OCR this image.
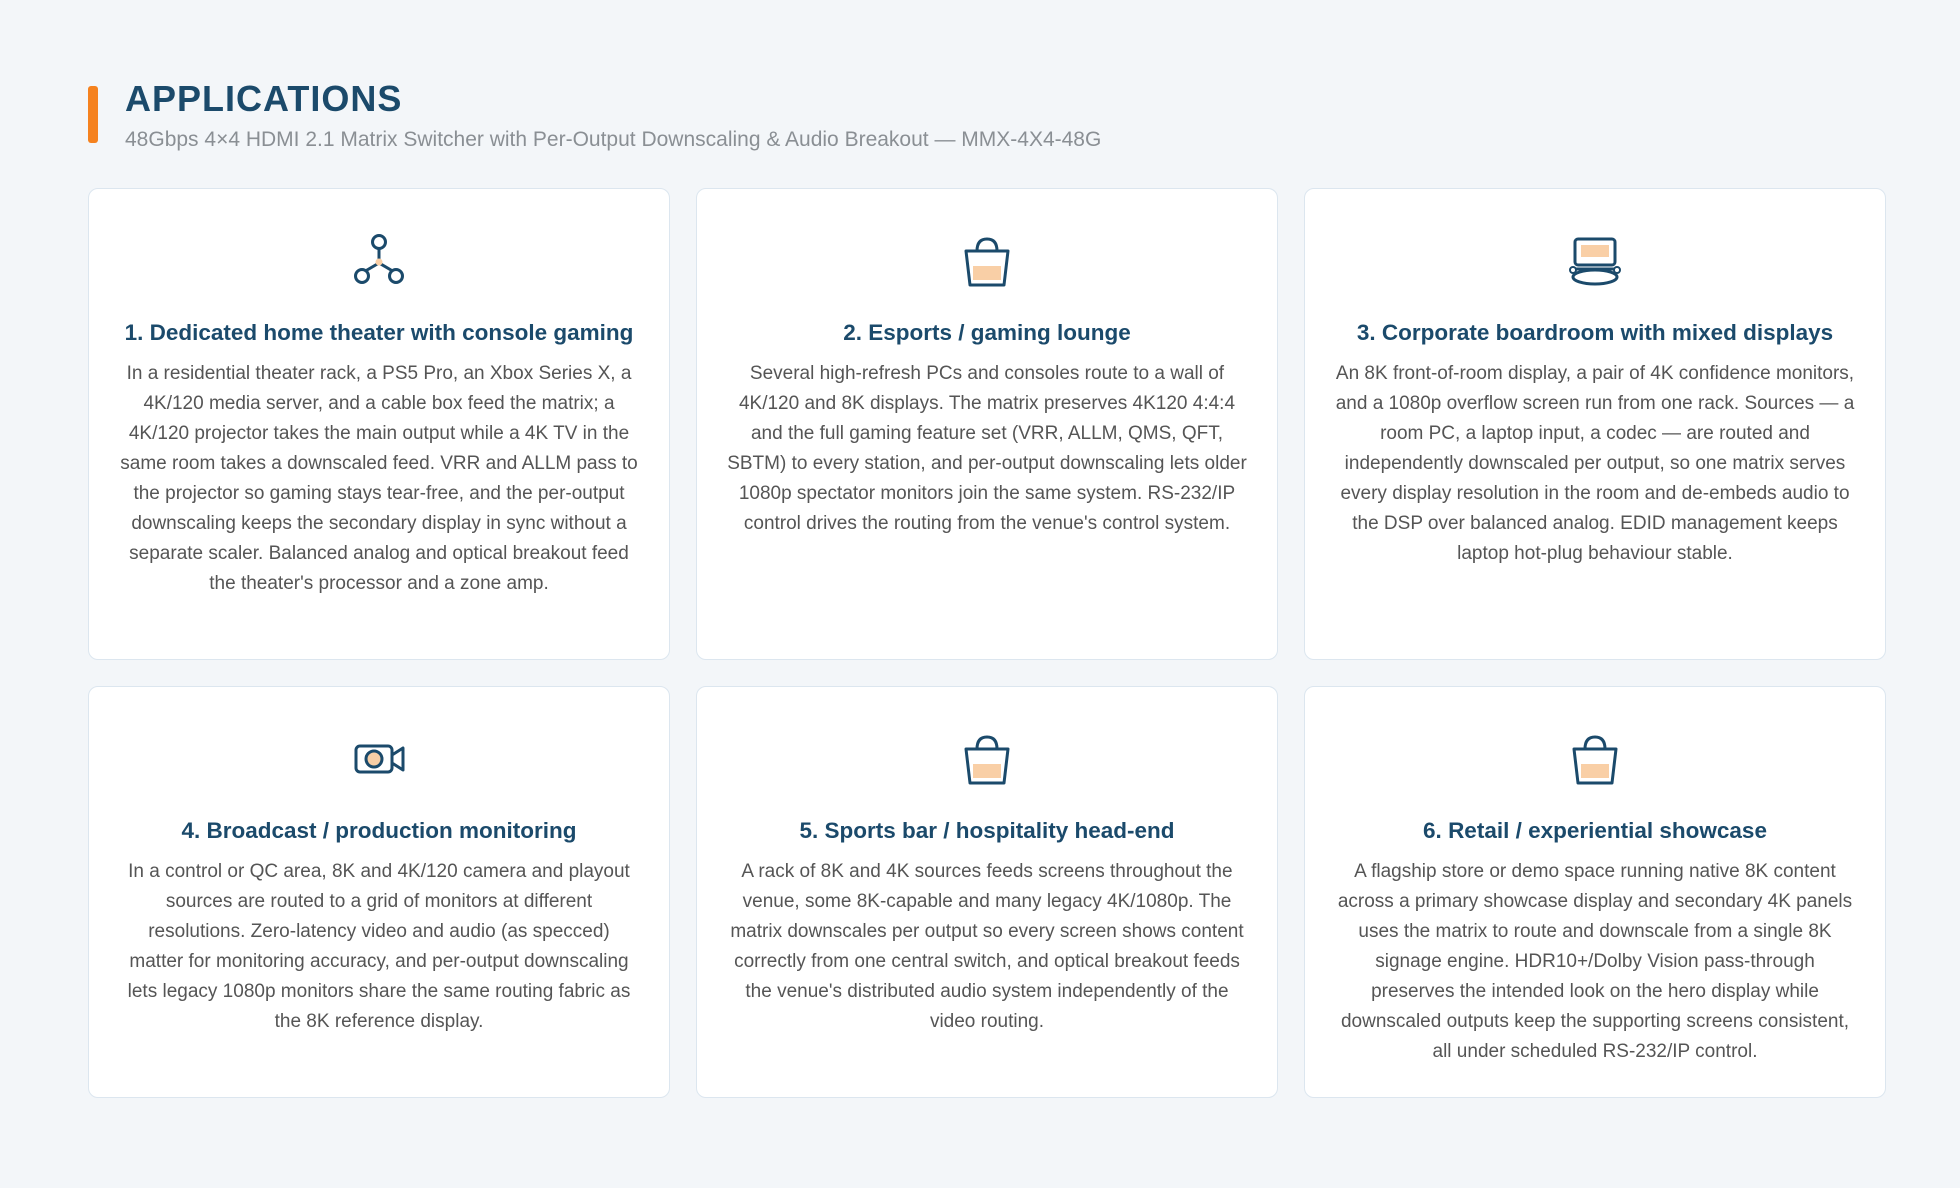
APPLICATIONS
48Gbps 4×4 HDMI 2.1 Matrix Switcher with Per-Output Downscaling & Audio Breakout — MMX-4X4-48G
1. Dedicated home theater with console gaming
In a residential theater rack, a PS5 Pro, an Xbox Series X, a 4K/120 media server, and a cable box feed the matrix; a 4K/120 projector takes the main output while a 4K TV in the same room takes a downscaled feed. VRR and ALLM pass to the projector so gaming stays tear-free, and the per-output downscaling keeps the secondary display in sync without a separate scaler. Balanced analog and optical breakout feed the theater's processor and a zone amp.
2. Esports / gaming lounge
Several high-refresh PCs and consoles route to a wall of 4K/120 and 8K displays. The matrix preserves 4K120 4:4:4 and the full gaming feature set (VRR, ALLM, QMS, QFT, SBTM) to every station, and per-output downscaling lets older 1080p spectator monitors join the same system. RS-232/IP control drives the routing from the venue's control system.
3. Corporate boardroom with mixed displays
An 8K front-of-room display, a pair of 4K confidence monitors, and a 1080p overflow screen run from one rack. Sources — a room PC, a laptop input, a codec — are routed and independently downscaled per output, so one matrix serves every display resolution in the room and de-embeds audio to the DSP over balanced analog. EDID management keeps laptop hot-plug behaviour stable.
4. Broadcast / production monitoring
In a control or QC area, 8K and 4K/120 camera and playout sources are routed to a grid of monitors at different resolutions. Zero-latency video and audio (as specced) matter for monitoring accuracy, and per-output downscaling lets legacy 1080p monitors share the same routing fabric as the 8K reference display.
5. Sports bar / hospitality head-end
A rack of 8K and 4K sources feeds screens throughout the venue, some 8K-capable and many legacy 4K/1080p. The matrix downscales per output so every screen shows content correctly from one central switch, and optical breakout feeds the venue's distributed audio system independently of the video routing.
6. Retail / experiential showcase
A flagship store or demo space running native 8K content across a primary showcase display and secondary 4K panels uses the matrix to route and downscale from a single 8K signage engine. HDR10+/Dolby Vision pass-through preserves the intended look on the hero display while downscaled outputs keep the supporting screens consistent, all under scheduled RS-232/IP control.
